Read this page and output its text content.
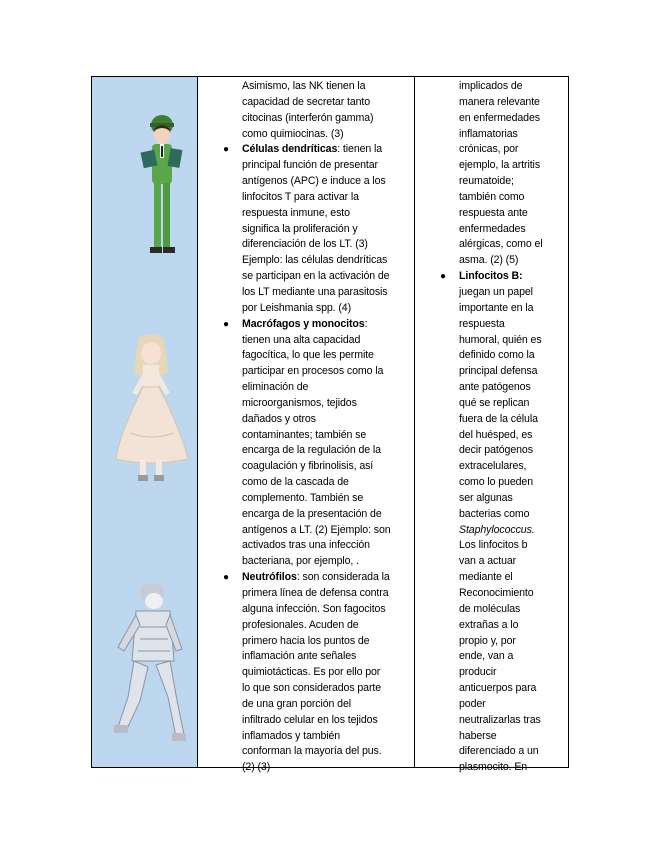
Asimismo, las NK tienen la
capacidad de secretar tanto
citocinas (interferón gamma)
como quimiocinas. (3)
● Células dendríticas: tienen la
principal función de presentar
antígenos (APC) e induce a los
linfocitos T para activar la
respuesta inmune, esto
significa la proliferación y
diferenciación de los LT. (3)
Ejemplo: las células dendríticas
se participan en la activación de
los LT mediante una parasitosis
por Leishmania spp. (4)
● Macrófagos y monocitos:
tienen una alta capacidad
fagocítica, lo que les permite
participar en procesos como la
eliminación de
microorganismos, tejidos
dañados y otros
contaminantes; también se
encarga de la regulación de la
coagulación y fibrinolisis, así
como de la cascada de
complemento. También se
encarga de la presentación de
antígenos a LT. (2) Ejemplo: son
activados tras una infección
bacteriana, por ejemplo, .
● Neutrófilos: son considerada la
primera línea de defensa contra
alguna infección. Son fagocitos
profesionales. Acuden de
primero hacia los puntos de
inflamación ante señales
quimiotácticas. Es por ello por
lo que son considerados parte
de una gran porción del
infiltrado celular en los tejidos
inflamados y también
conforman la mayoría del pus.
(2) (3)
implicados de
manera relevante
en enfermedades
inflamatorias
crónicas, por
ejemplo, la artritis
reumatoide;
también como
respuesta ante
enfermedades
alérgicas, como el
asma. (2) (5)
● Linfocitos B:
juegan un papel
importante en la
respuesta
humoral, quién es
definido como la
principal defensa
ante patógenos
qué se replican
fuera de la célula
del huésped, es
decir patógenos
extracelulares,
como lo pueden
ser algunas
bacterias como
Staphylococcus.
Los linfocitos b
van a actuar
mediante el
Reconocimiento
de moléculas
extrañas a lo
propio y, por
ende, van a
producir
anticuerpos para
poder
neutralizarlas tras
haberse
diferenciado a un
plasmocito. En
